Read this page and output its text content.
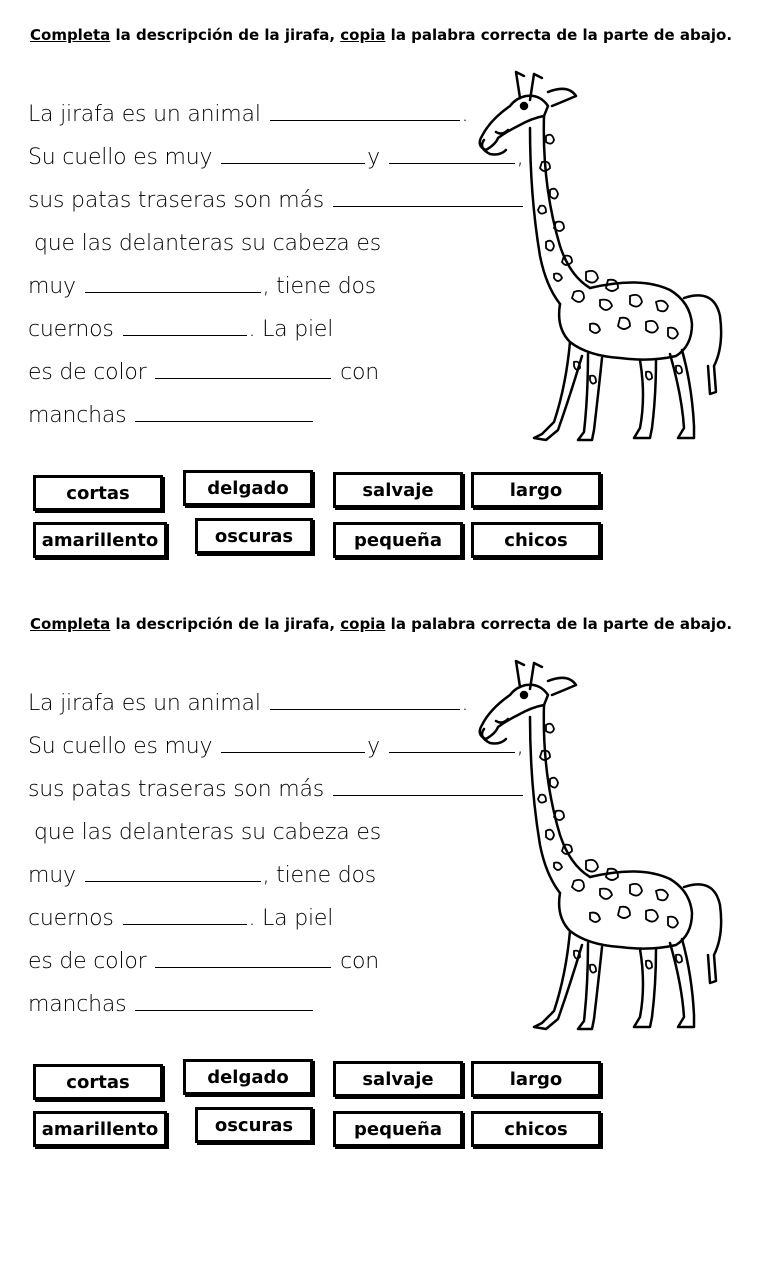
Completa la descripción de la jirafa, copia la palabra correcta de la parte de abajo.
La jirafa es un animal	.
Su cuello es muy	y	,
sus patas traseras son más
que las delanteras su cabeza es
muy	, tiene dos
cuernos	. La piel
es de color	con
manchas
cortas	delgado	salvaje	largo
amarillento	oscuras	pequeña	chicos
Completa la descripción de la jirafa, copia la palabra correcta de la parte de abajo.
La jirafa es un animal	.
Su cuello es muy	y	,
sus patas traseras son más
que las delanteras su cabeza es
muy	, tiene dos
cuernos	. La piel
es de color	con
manchas
cortas	delgado	salvaje	largo
amarillento	oscuras	pequeña	chicos
